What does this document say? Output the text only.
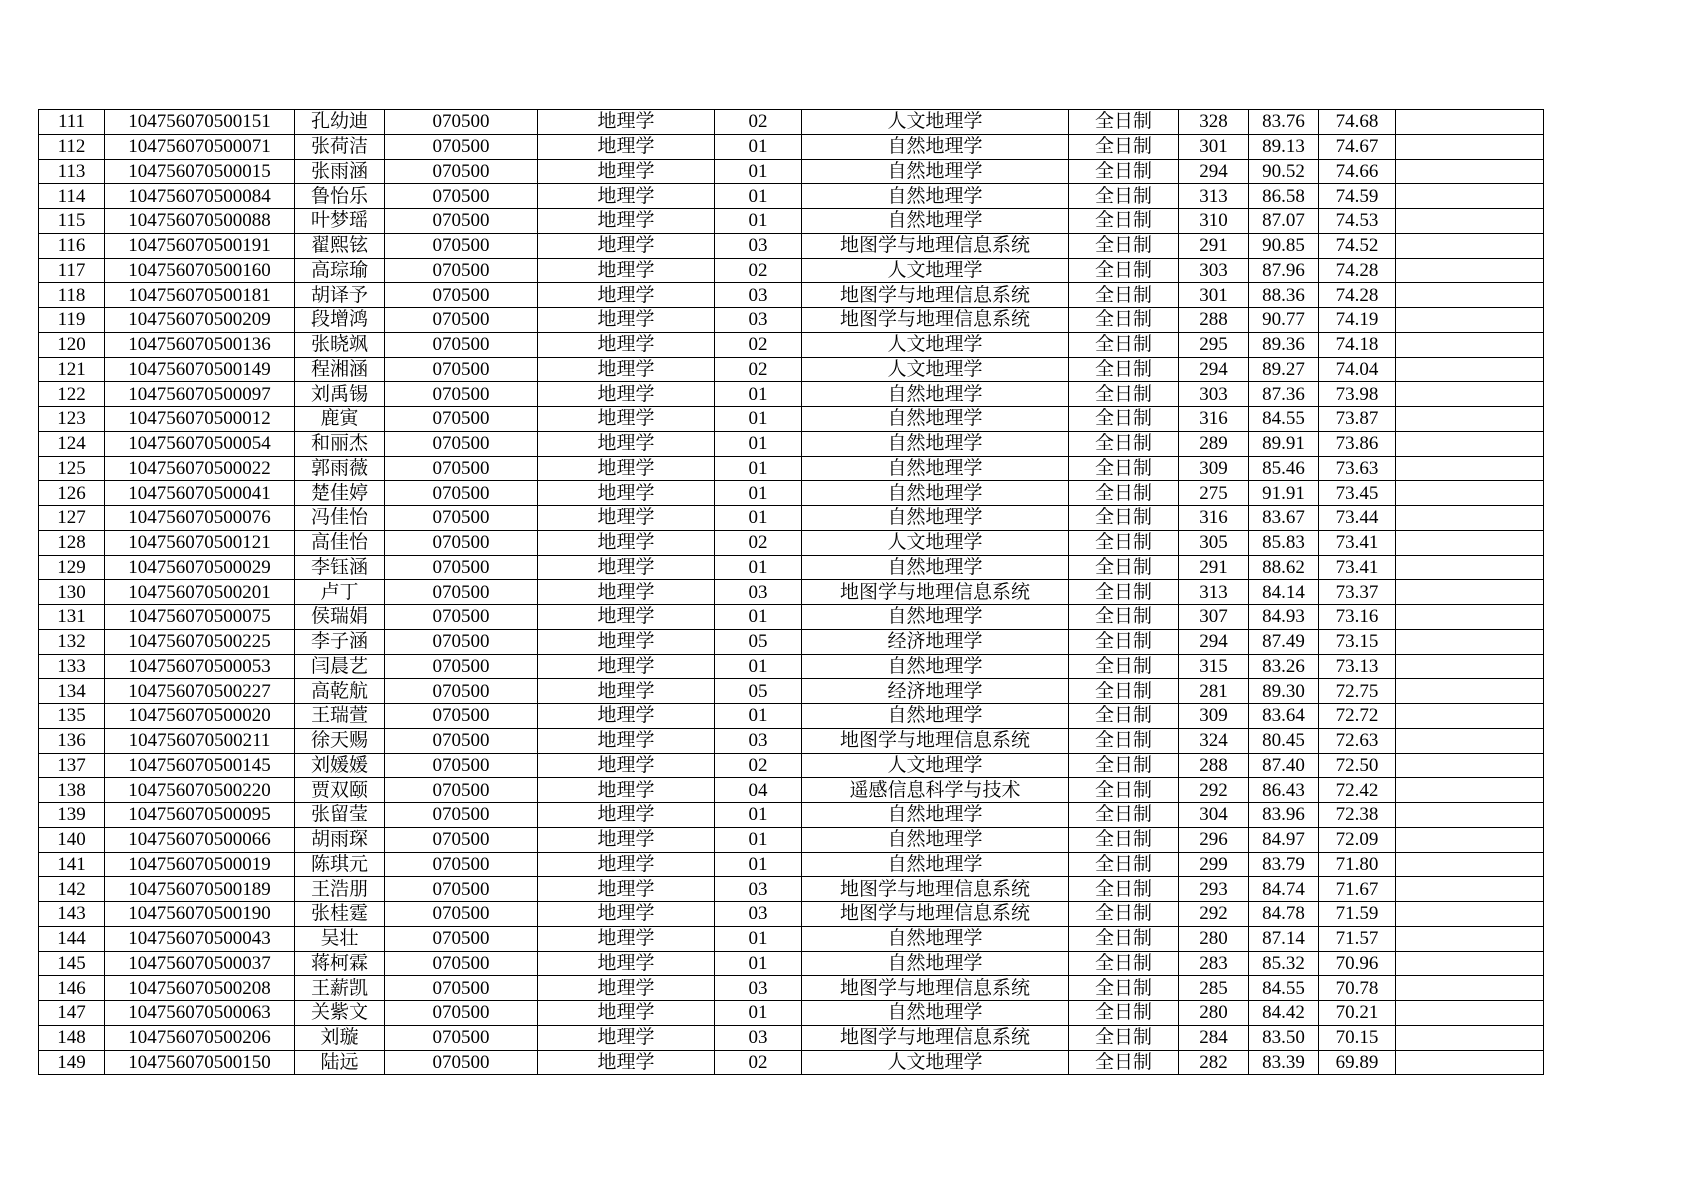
111	104756070500151	孔幼迪	070500	地理学	02	人文地理学	全日制	328	83.76	74.68	
112	104756070500071	张荷洁	070500	地理学	01	自然地理学	全日制	301	89.13	74.67	
113	104756070500015	张雨涵	070500	地理学	01	自然地理学	全日制	294	90.52	74.66	
114	104756070500084	鲁怡乐	070500	地理学	01	自然地理学	全日制	313	86.58	74.59	
115	104756070500088	叶梦瑶	070500	地理学	01	自然地理学	全日制	310	87.07	74.53	
116	104756070500191	翟熙铉	070500	地理学	03	地图学与地理信息系统	全日制	291	90.85	74.52	
117	104756070500160	高琮瑜	070500	地理学	02	人文地理学	全日制	303	87.96	74.28	
118	104756070500181	胡译予	070500	地理学	03	地图学与地理信息系统	全日制	301	88.36	74.28	
119	104756070500209	段增鸿	070500	地理学	03	地图学与地理信息系统	全日制	288	90.77	74.19	
120	104756070500136	张晓飒	070500	地理学	02	人文地理学	全日制	295	89.36	74.18	
121	104756070500149	程湘涵	070500	地理学	02	人文地理学	全日制	294	89.27	74.04	
122	104756070500097	刘禹锡	070500	地理学	01	自然地理学	全日制	303	87.36	73.98	
123	104756070500012	鹿寅	070500	地理学	01	自然地理学	全日制	316	84.55	73.87	
124	104756070500054	和丽杰	070500	地理学	01	自然地理学	全日制	289	89.91	73.86	
125	104756070500022	郭雨薇	070500	地理学	01	自然地理学	全日制	309	85.46	73.63	
126	104756070500041	楚佳婷	070500	地理学	01	自然地理学	全日制	275	91.91	73.45	
127	104756070500076	冯佳怡	070500	地理学	01	自然地理学	全日制	316	83.67	73.44	
128	104756070500121	高佳怡	070500	地理学	02	人文地理学	全日制	305	85.83	73.41	
129	104756070500029	李钰涵	070500	地理学	01	自然地理学	全日制	291	88.62	73.41	
130	104756070500201	卢丁	070500	地理学	03	地图学与地理信息系统	全日制	313	84.14	73.37	
131	104756070500075	侯瑞娟	070500	地理学	01	自然地理学	全日制	307	84.93	73.16	
132	104756070500225	李子涵	070500	地理学	05	经济地理学	全日制	294	87.49	73.15	
133	104756070500053	闫晨艺	070500	地理学	01	自然地理学	全日制	315	83.26	73.13	
134	104756070500227	高乾航	070500	地理学	05	经济地理学	全日制	281	89.30	72.75	
135	104756070500020	王瑞萱	070500	地理学	01	自然地理学	全日制	309	83.64	72.72	
136	104756070500211	徐天赐	070500	地理学	03	地图学与地理信息系统	全日制	324	80.45	72.63	
137	104756070500145	刘媛媛	070500	地理学	02	人文地理学	全日制	288	87.40	72.50	
138	104756070500220	贾双颐	070500	地理学	04	遥感信息科学与技术	全日制	292	86.43	72.42	
139	104756070500095	张留莹	070500	地理学	01	自然地理学	全日制	304	83.96	72.38	
140	104756070500066	胡雨琛	070500	地理学	01	自然地理学	全日制	296	84.97	72.09	
141	104756070500019	陈琪元	070500	地理学	01	自然地理学	全日制	299	83.79	71.80	
142	104756070500189	王浩朋	070500	地理学	03	地图学与地理信息系统	全日制	293	84.74	71.67	
143	104756070500190	张桂霆	070500	地理学	03	地图学与地理信息系统	全日制	292	84.78	71.59	
144	104756070500043	吴壮	070500	地理学	01	自然地理学	全日制	280	87.14	71.57	
145	104756070500037	蒋柯霖	070500	地理学	01	自然地理学	全日制	283	85.32	70.96	
146	104756070500208	王薪凯	070500	地理学	03	地图学与地理信息系统	全日制	285	84.55	70.78	
147	104756070500063	关紫文	070500	地理学	01	自然地理学	全日制	280	84.42	70.21	
148	104756070500206	刘璇	070500	地理学	03	地图学与地理信息系统	全日制	284	83.50	70.15	
149	104756070500150	陆远	070500	地理学	02	人文地理学	全日制	282	83.39	69.89	
